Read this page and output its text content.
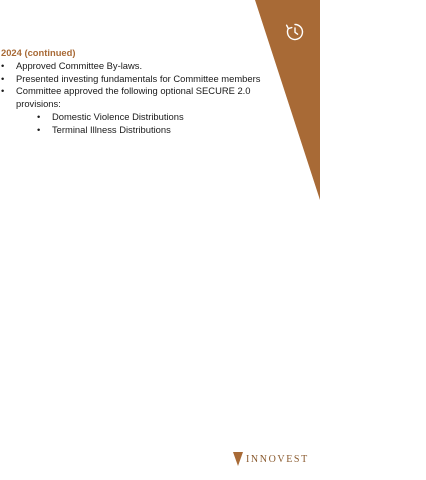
2024 (continued)

•	Approved Committee By-laws.
•	Presented investing fundamentals for Committee members
•	Committee approved the following optional SECURE 2.0 provisions:
•	Domestic Violence Distributions
•	Terminal Illness Distributions
INNOVEST
